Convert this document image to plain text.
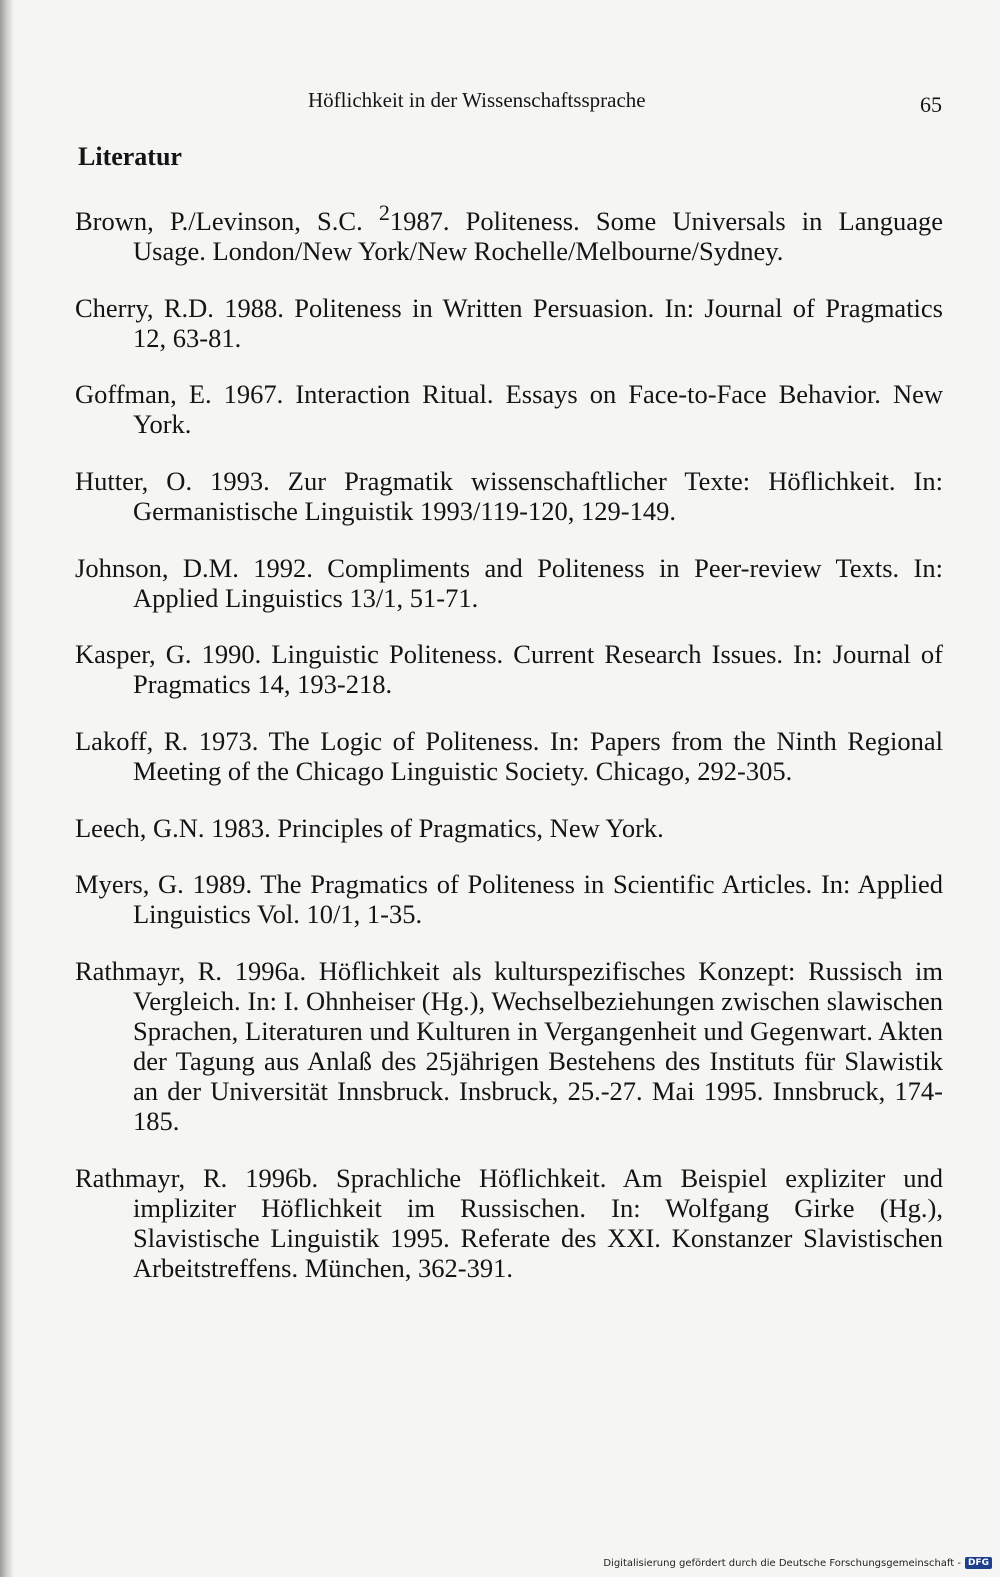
Höflichkeit in der Wissenschaftssprache	65
Literatur
Brown, P./Levinson, S.C. $^2$1987. Politeness. Some Universals in Language Usage. London/New York/New Rochelle/Melbourne/Sydney.
Cherry, R.D. 1988. Politeness in Written Persuasion. In: Journal of Pragmatics 12, 63-81.
Goffman, E. 1967. Interaction Ritual. Essays on Face-to-Face Behavior. New York.
Hutter, O. 1993. Zur Pragmatik wissenschaftlicher Texte: Höflichkeit. In: Germanistische Linguistik 1993/119-120, 129-149.
Johnson, D.M. 1992. Compliments and Politeness in Peer-review Texts. In: Applied Linguistics 13/1, 51-71.
Kasper, G. 1990. Linguistic Politeness. Current Research Issues. In: Journal of Pragmatics 14, 193-218.
Lakoff, R. 1973. The Logic of Politeness. In: Papers from the Ninth Regional Meeting of the Chicago Linguistic Society. Chicago, 292-305.
Leech, G.N. 1983. Principles of Pragmatics, New York.
Myers, G. 1989. The Pragmatics of Politeness in Scientific Articles. In: Applied Linguistics Vol. 10/1, 1-35.
Rathmayr, R. 1996a. Höflichkeit als kulturspezifisches Konzept: Russisch im Vergleich. In: I. Ohnheiser (Hg.), Wechselbeziehungen zwischen slawischen Sprachen, Literaturen und Kulturen in Vergangenheit und Gegenwart. Akten der Tagung aus Anlaß des 25jährigen Bestehens des Instituts für Slawistik an der Universität Innsbruck. Insbruck, 25.-27. Mai 1995. Innsbruck, 174-185.
Rathmayr, R. 1996b. Sprachliche Höflichkeit. Am Beispiel expliziter und impliziter Höflichkeit im Russischen. In: Wolfgang Girke (Hg.), Slavistische Linguistik 1995. Referate des XXI. Konstanzer Slavistischen Arbeitstreffens. München, 362-391.
Digitalisierung gefördert durch die Deutsche Forschungsgemeinschaft - DFG
